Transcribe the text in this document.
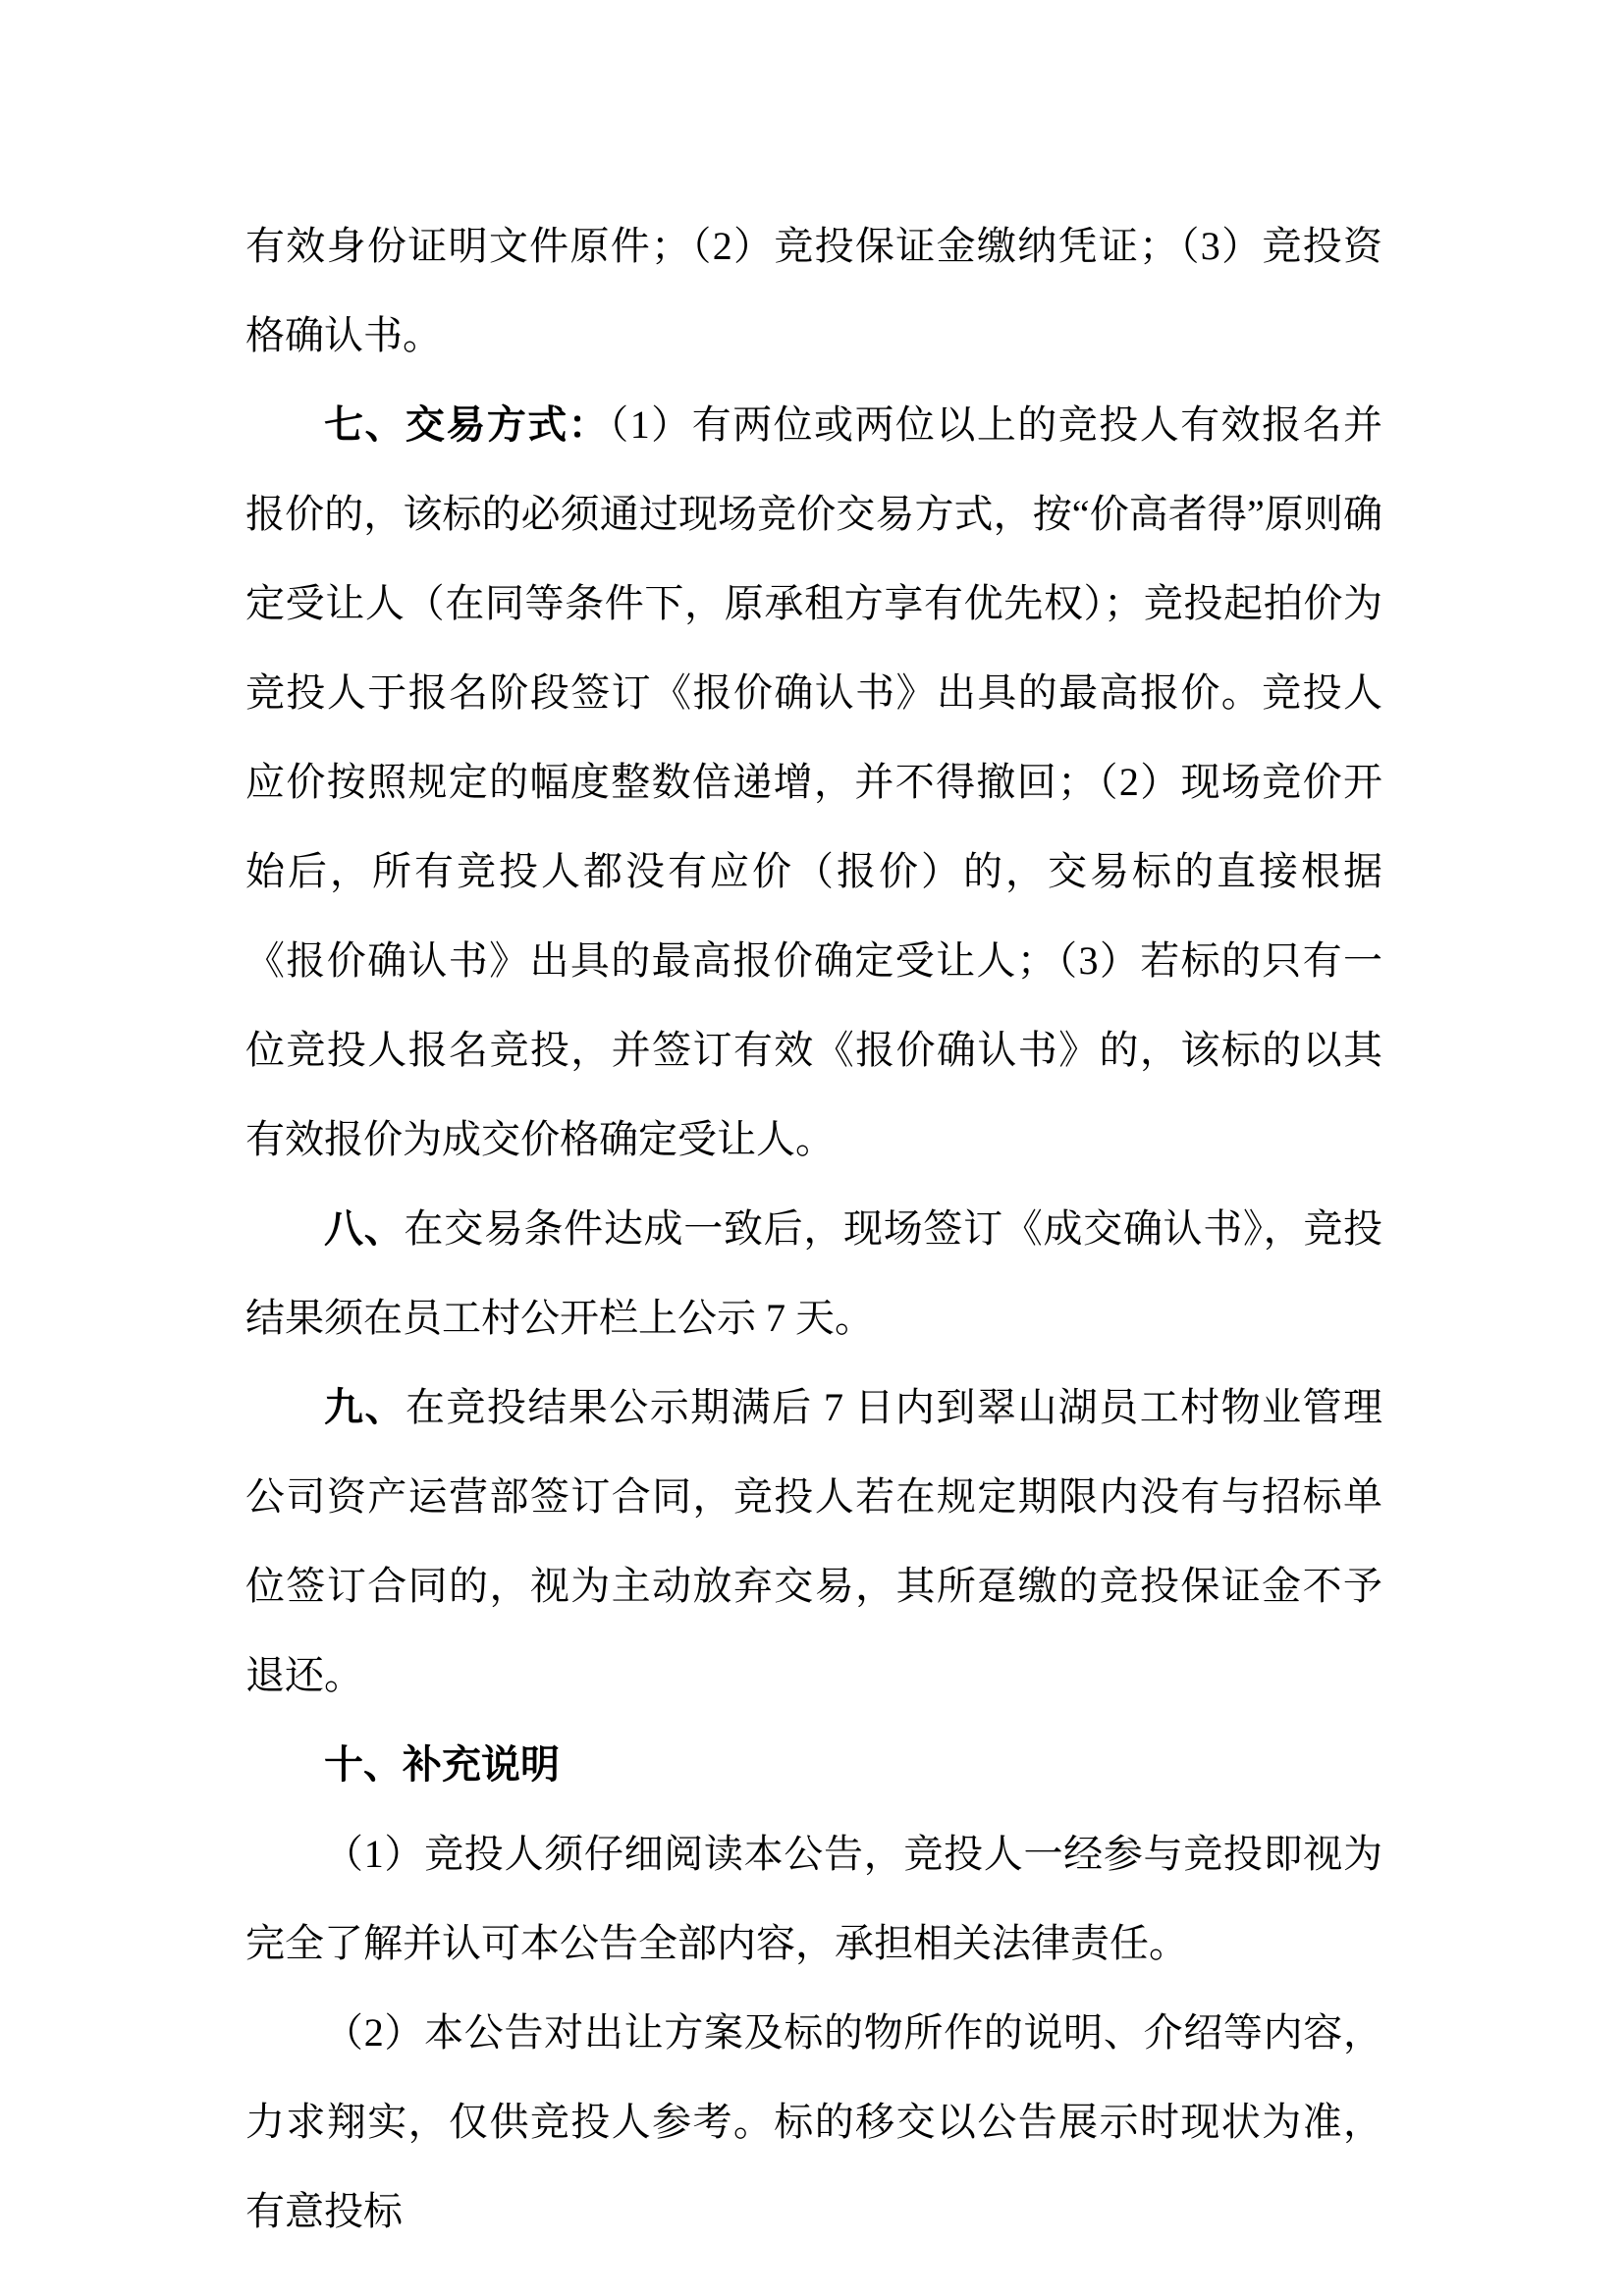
有效身份证明文件原件；（2）竞投保证金缴纳凭证；（3）竞投资格确认书。

七、交易方式：（1）有两位或两位以上的竞投人有效报名并报价的，该标的必须通过现场竞价交易方式，按“价高者得”原则确定受让人（在同等条件下，原承租方享有优先权）；竞投起拍价为竞投人于报名阶段签订《报价确认书》出具的最高报价。竞投人应价按照规定的幅度整数倍递增，并不得撤回；（2）现场竞价开始后，所有竞投人都没有应价（报价）的，交易标的直接根据《报价确认书》出具的最高报价确定受让人；（3）若标的只有一位竞投人报名竞投，并签订有效《报价确认书》的，该标的以其有效报价为成交价格确定受让人。

八、在交易条件达成一致后，现场签订《成交确认书》，竞投结果须在员工村公开栏上公示 7 天。

九、在竞投结果公示期满后 7 日内到翠山湖员工村物业管理公司资产运营部签订合同，竞投人若在规定期限内没有与招标单位签订合同的，视为主动放弃交易，其所趸缴的竞投保证金不予退还。

十、补充说明

（1）竞投人须仔细阅读本公告，竞投人一经参与竞投即视为完全了解并认可本公告全部内容，承担相关法律责任。

（2）本公告对出让方案及标的物所作的说明、介绍等内容，力求翔实，仅供竞投人参考。标的移交以公告展示时现状为准，有意投标
